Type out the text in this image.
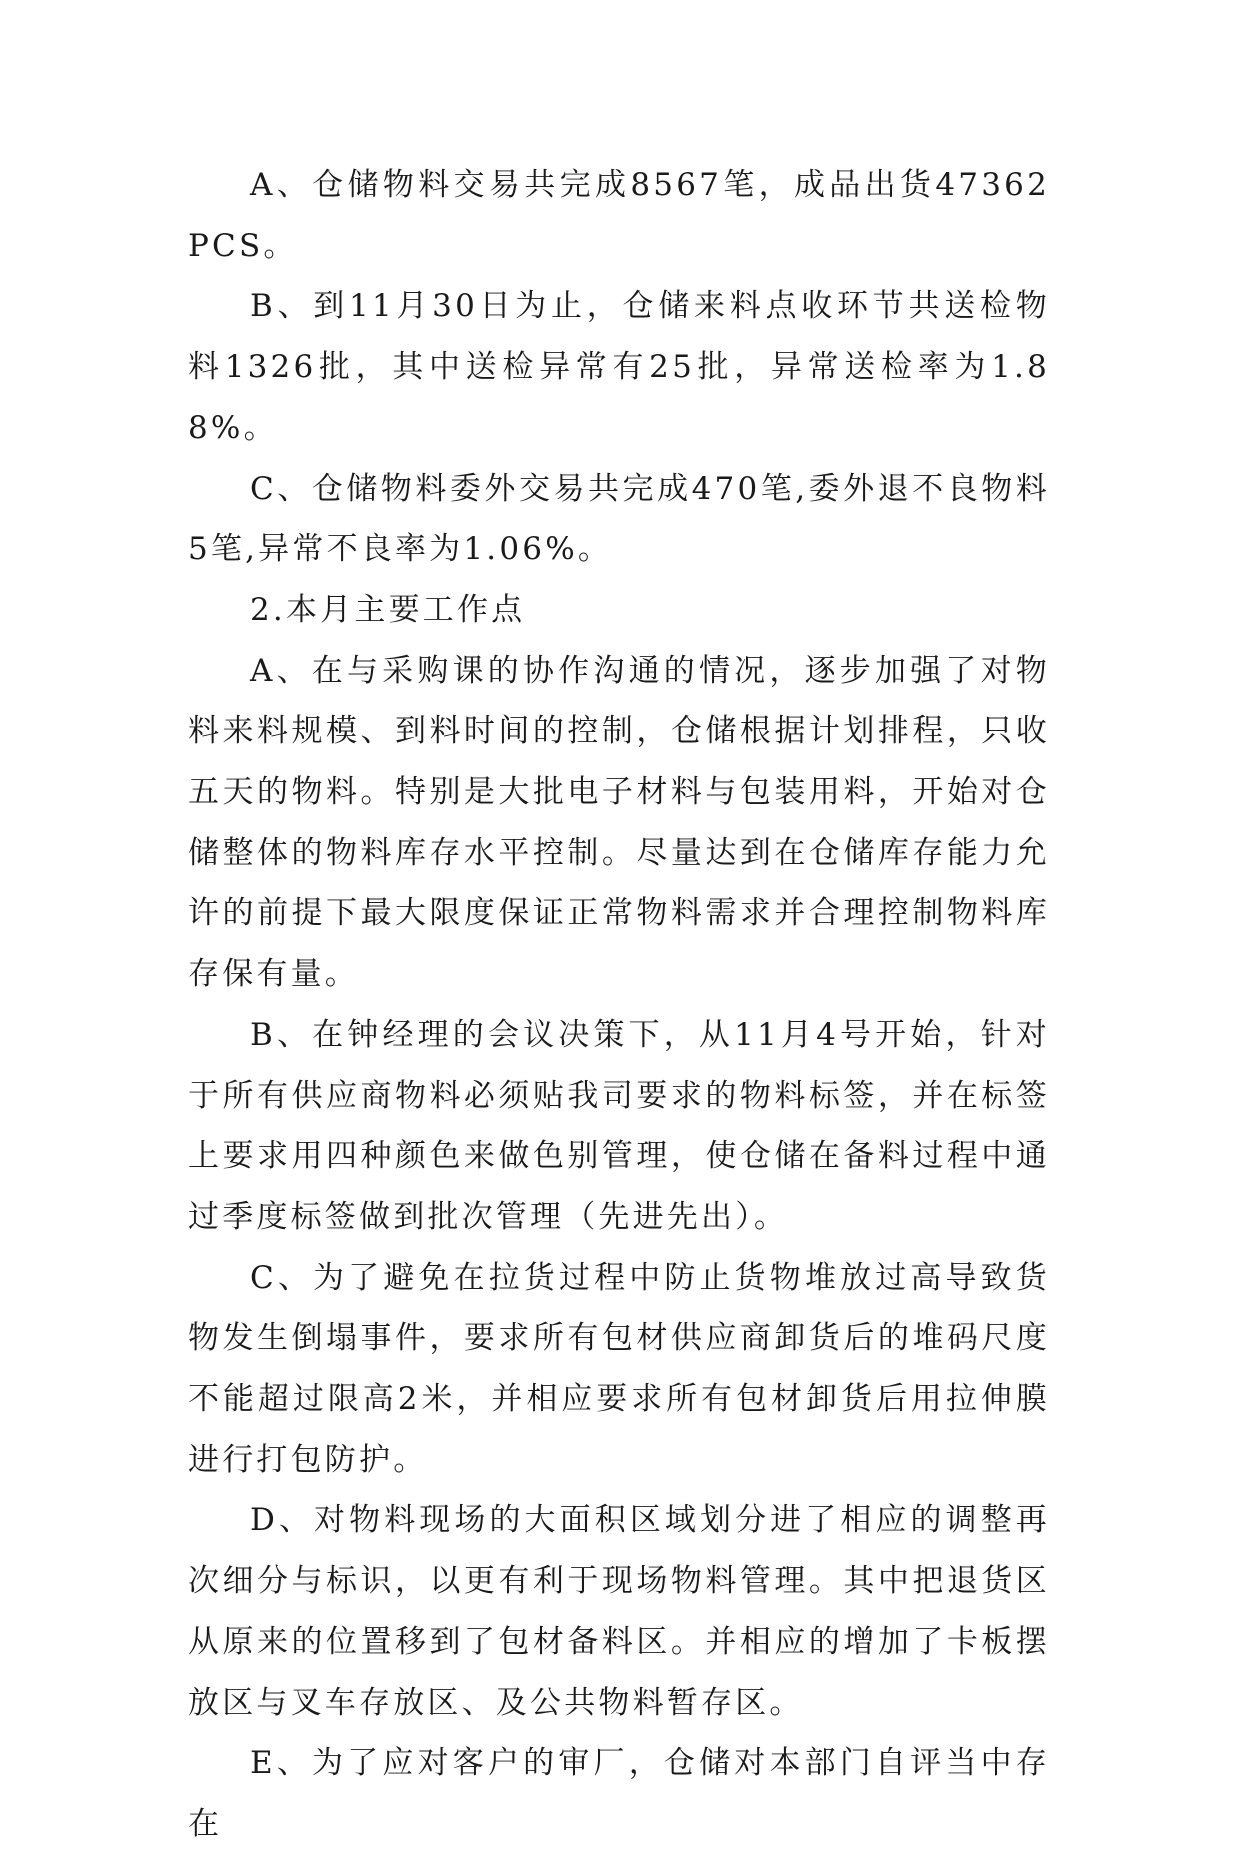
A、仓储物料交易共完成8567笔，成品出货47362PCS。

B、到11月30日为止，仓储来料点收环节共送检物料1326批，其中送检异常有25批，异常送检率为1.88%。

C、仓储物料委外交易共完成470笔,委外退不良物料5笔,异常不良率为1.06%。

2.本月主要工作点

A、在与采购课的协作沟通的情况，逐步加强了对物料来料规模、到料时间的控制，仓储根据计划排程，只收五天的物料。特别是大批电子材料与包装用料，开始对仓储整体的物料库存水平控制。尽量达到在仓储库存能力允许的前提下最大限度保证正常物料需求并合理控制物料库存保有量。

B、在钟经理的会议决策下，从11月4号开始，针对于所有供应商物料必须贴我司要求的物料标签，并在标签上要求用四种颜色来做色别管理，使仓储在备料过程中通过季度标签做到批次管理（先进先出）。

C、为了避免在拉货过程中防止货物堆放过高导致货物发生倒塌事件，要求所有包材供应商卸货后的堆码尺度不能超过限高2米，并相应要求所有包材卸货后用拉伸膜进行打包防护。

D、对物料现场的大面积区域划分进了相应的调整再次细分与标识，以更有利于现场物料管理。其中把退货区从原来的位置移到了包材备料区。并相应的增加了卡板摆放区与叉车存放区、及公共物料暂存区。

E、为了应对客户的审厂，仓储对本部门自评当中存在
